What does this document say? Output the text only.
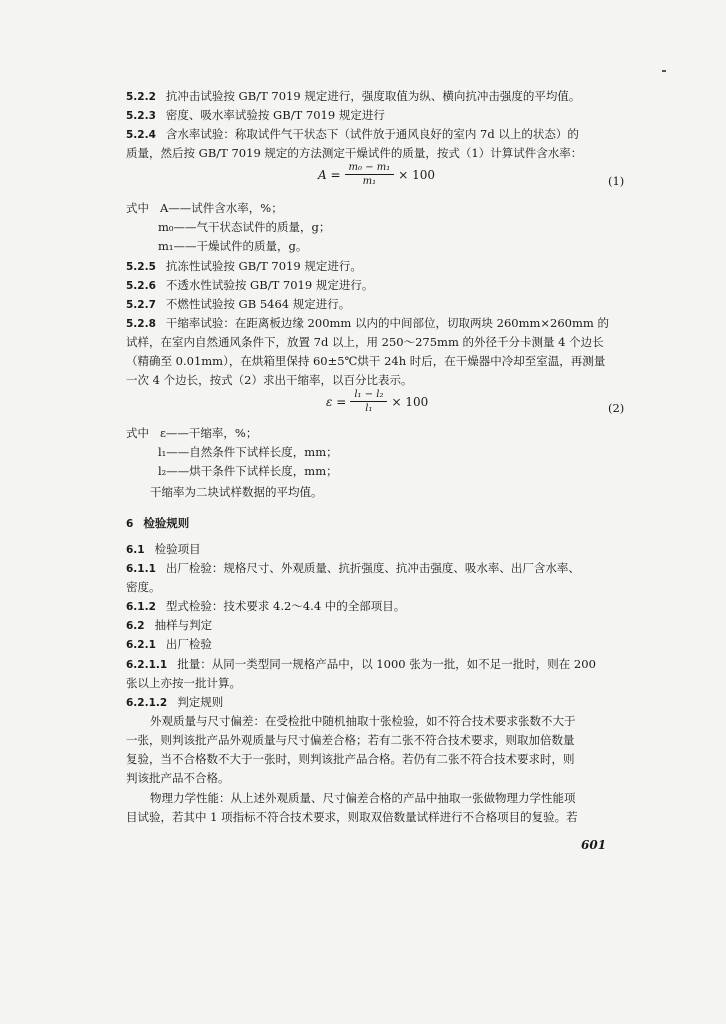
5.2.2 抗冲击试验按 GB/T 7019 规定进行，强度取值为纵、横向抗冲击强度的平均值。
5.2.3 密度、吸水率试验按 GB/T 7019 规定进行
5.2.4 含水率试验：称取试件气干状态下（试件放于通风良好的室内 7d 以上的状态）的
质量，然后按 GB/T 7019 规定的方法测定干燥试件的质量，按式（1）计算试件含水率：
$A = \frac{\text{m₀ − m₁}}{\text{m₁}} \times 100$	(1)
式中 A——试件含水率，%；
m₀——气干状态试件的质量，g；
m₁——干燥试件的质量，g。
5.2.5 抗冻性试验按 GB/T 7019 规定进行。
5.2.6 不透水性试验按 GB/T 7019 规定进行。
5.2.7 不燃性试验按 GB 5464 规定进行。
5.2.8 干缩率试验：在距离板边缘 200mm 以内的中间部位，切取两块 260mm×260mm 的
试样，在室内自然通风条件下，放置 7d 以上，用 250～275mm 的外径千分卡测量 4 个边长
（精确至 0.01mm），在烘箱里保持 60±5℃烘干 24h 时后，在干燥器中冷却至室温，再测量
一次 4 个边长，按式（2）求出干缩率，以百分比表示。
$\varepsilon = \frac{\text{l₁ − l₂}}{\text{l₁}} \times 100$	(2)
式中 ε——干缩率，%；
l₁——自然条件下试样长度，mm；
l₂——烘干条件下试样长度，mm；
干缩率为二块试样数据的平均值。
6 检验规则
6.1 检验项目
6.1.1 出厂检验：规格尺寸、外观质量、抗折强度、抗冲击强度、吸水率、出厂含水率、
密度。
6.1.2 型式检验：技术要求 4.2～4.4 中的全部项目。
6.2 抽样与判定
6.2.1 出厂检验
6.2.1.1 批量：从同一类型同一规格产品中，以 1000 张为一批，如不足一批时，则在 200
张以上亦按一批计算。
6.2.1.2 判定规则
外观质量与尺寸偏差：在受检批中随机抽取十张检验，如不符合技术要求张数不大于
一张，则判该批产品外观质量与尺寸偏差合格；若有二张不符合技术要求，则取加倍数量
复验，当不合格数不大于一张时，则判该批产品合格。若仍有二张不符合技术要求时，则
判该批产品不合格。
物理力学性能：从上述外观质量、尺寸偏差合格的产品中抽取一张做物理力学性能项
目试验，若其中 1 项指标不符合技术要求，则取双倍数量试样进行不合格项目的复验。若
601
